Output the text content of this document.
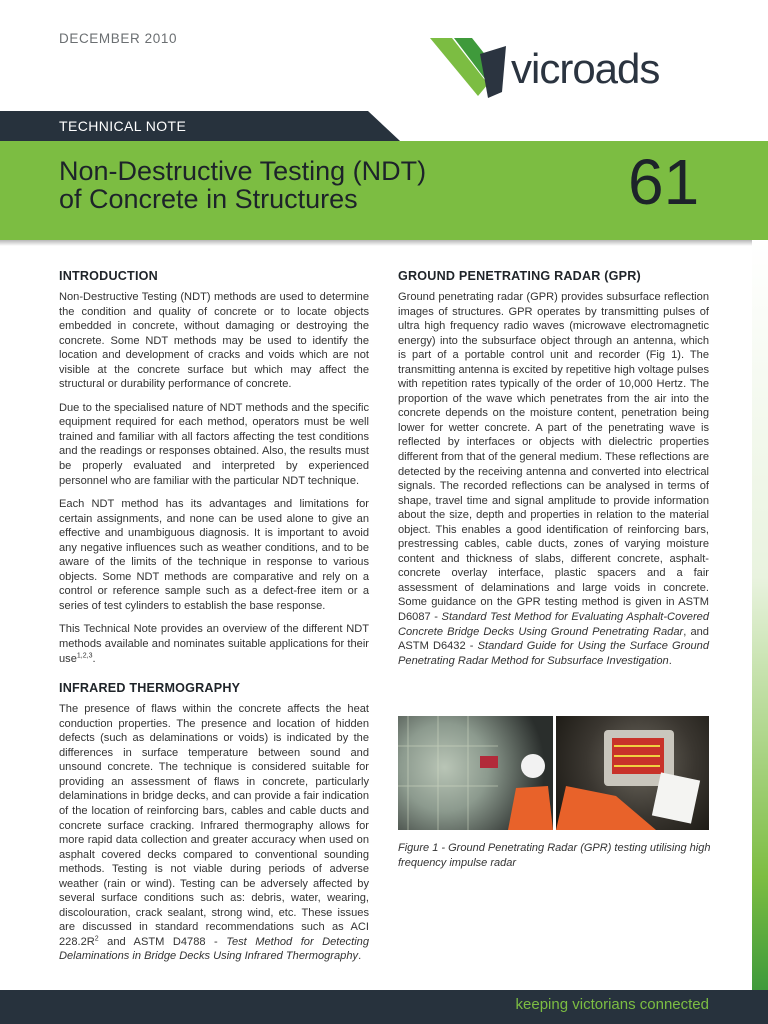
DECEMBER 2010
vicroads
TECHNICAL NOTE
Non-Destructive Testing (NDT)
of Concrete in Structures	61
INTRODUCTION

Non-Destructive Testing (NDT) methods are used to determine the condition and quality of concrete or to locate objects embedded in concrete, without damaging or destroying the concrete. Some NDT methods may be used to identify the location and development of cracks and voids which are not visible at the concrete surface but which may affect the structural or durability performance of concrete.

Due to the specialised nature of NDT methods and the specific equipment required for each method, operators must be well trained and familiar with all factors affecting the test conditions and the readings or responses obtained. Also, the results must be properly evaluated and interpreted by experienced personnel who are familiar with the particular NDT technique.

Each NDT method has its advantages and limitations for certain assignments, and none can be used alone to give an effective and unambiguous diagnosis. It is important to avoid any negative influences such as weather conditions, and to be aware of the limits of the technique in response to various objects. Some NDT methods are comparative and rely on a control or reference sample such as a defect-free item or a series of test cylinders to establish the base response.

This Technical Note provides an overview of the different NDT methods available and nominates suitable applications for their use$^{1,2,3}$.

INFRARED THERMOGRAPHY

The presence of flaws within the concrete affects the heat conduction properties. The presence and location of hidden defects (such as delaminations or voids) is indicated by the differences in surface temperature between sound and unsound concrete. The technique is considered suitable for providing an assessment of flaws in concrete, particularly delaminations in bridge decks, and can provide a fair indication of the location of reinforcing bars, cables and cable ducts and concrete surface cracking. Infrared thermography allows for more rapid data collection and greater accuracy when used on asphalt covered decks compared to conventional sounding methods. Testing is not viable during periods of adverse weather (rain or wind). Testing can be adversely affected by several surface conditions such as: debris, water, wearing, discolouration, crack sealant, strong wind, etc. These issues are discussed in standard recommendations such as ACI $228.2R^2$ and ASTM D4788 - Test Method for Detecting Delaminations in Bridge Decks Using Infrared Thermography.

GROUND PENETRATING RADAR (GPR)

Ground penetrating radar (GPR) provides subsurface reflection images of structures. GPR operates by transmitting pulses of ultra high frequency radio waves (microwave electromagnetic energy) into the subsurface object through an antenna, which is part of a portable control unit and recorder (Fig 1). The transmitting antenna is excited by repetitive high voltage pulses with repetition rates typically of the order of 10,000 Hertz. The proportion of the wave which penetrates from the air into the concrete depends on the moisture content, penetration being lower for wetter concrete. A part of the penetrating wave is reflected by interfaces or objects with dielectric properties different from that of the general medium. These reflections are detected by the receiving antenna and converted into electrical signals. The recorded reflections can be analysed in terms of shape, travel time and signal amplitude to provide information about the size, depth and properties in relation to the material object. This enables a good identification of reinforcing bars, prestressing cables, cable ducts, zones of varying moisture content and thickness of slabs, different concrete, asphalt-concrete overlay interface, plastic spacers and a fair assessment of delaminations and large voids in concrete. Some guidance on the GPR testing method is given in ASTM D6087 - Standard Test Method for Evaluating Asphalt-Covered Concrete Bridge Decks Using Ground Penetrating Radar, and ASTM D6432 - Standard Guide for Using the Surface Ground Penetrating Radar Method for Subsurface Investigation.

Figure 1 - Ground Penetrating Radar (GPR) testing utilising high frequency impulse radar
keeping victorians connected
